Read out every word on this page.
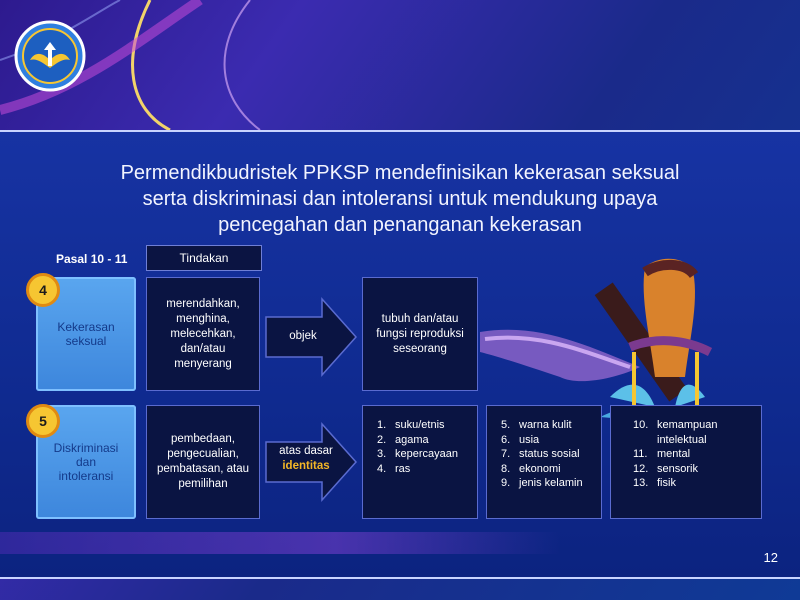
Permendikbudristek PPKSP mendefinisikan kekerasan seksual
serta diskriminasi dan intoleransi untuk mendukung upaya
pencegahan dan penanganan kekerasan
Pasal 10 - 11	Tindakan
Kekerasan seksual
4
merendahkan, menghina, melecehkan, dan/atau menyerang
objek
tubuh dan/atau fungsi reproduksi seseorang
Diskriminasi
dan
intoleransi
5
pembedaan, pengecualian, pembatasan, atau pemilihan
atas dasar
identitas
1. suku/etnis
2. agama
3. kepercayaan
4. ras
5. warna kulit
6. usia
7. status sosial
8. ekonomi
9. jenis kelamin
10. kemampuan intelektual
11. mental
12. sensorik
13. fisik
12
